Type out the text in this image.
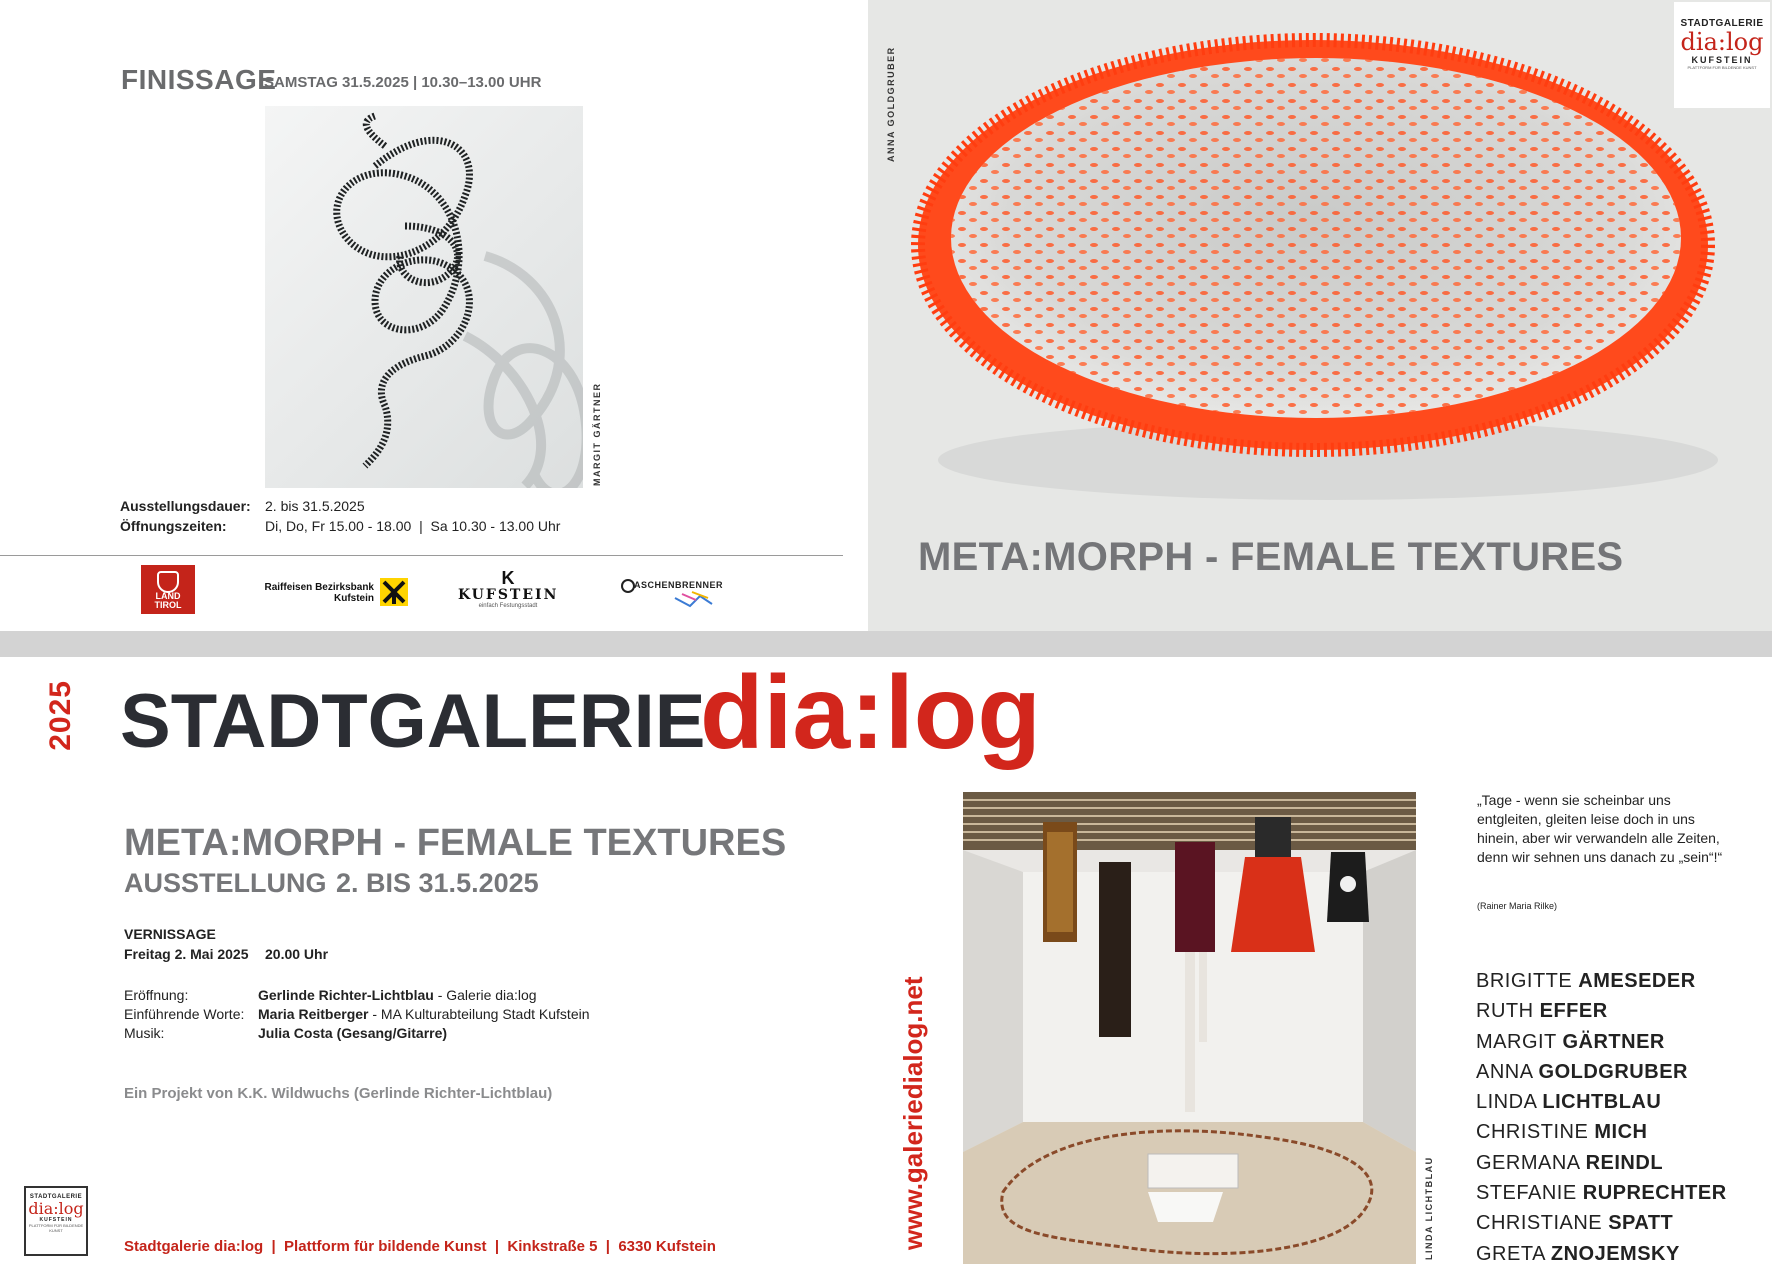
FINISSAGE
SAMSTAG 31.5.2025 | 10.30–13.00 UHR
MARGIT GÄRTNER
Ausstellungsdauer: 2. bis 31.5.2025
Öffnungszeiten:	Di, Do, Fr 15.00 - 18.00  |  Sa 10.30 - 13.00 Uhr
LAND TIROL
Raiffeisen Bezirksbank Kufstein
K
KUFSTEIN
einfach Festungsstadt
ASCHENBRENNER
ANNA GOLDGRUBER
META:MORPH - FEMALE TEXTURES
STADTGALERIE
dia:log
KUFSTEIN
PLATTFORM FÜR BILDENDE KUNST
2025 STADTGALERIE
dia:log
META:MORPH - FEMALE TEXTURES
AUSSTELLUNG 2. BIS 31.5.2025
VERNISSAGE
Freitag 2. Mai 2025 20.00 Uhr
Eröffnung:	Gerlinde Richter-Lichtblau - Galerie dia:log
Einführende Worte: Maria Reitberger - MA Kulturabteilung Stadt Kufstein
Musik:	Julia Costa (Gesang/Gitarre)
Ein Projekt von K.K. Wildwuchs (Gerlinde Richter-Lichtblau)
STADTGALERIE
dia:log
KUFSTEIN
PLATTFORM FÜR BILDENDE KUNST
Stadtgalerie dia:log  |  Plattform für bildende Kunst  |  Kinkstraße 5  |  6330 Kufstein	www.galeriedialog.net	LINDA LICHTBLAU
„Tage - wenn sie scheinbar uns entgleiten, gleiten leise doch in uns hinein, aber wir verwandeln alle Zeiten, denn wir sehnen uns danach zu „sein“!“
(Rainer Maria Rilke)
BRIGITTE AMESEDER
RUTH EFFER
MARGIT GÄRTNER
ANNA GOLDGRUBER
LINDA LICHTBLAU
CHRISTINE MICH
GERMANA REINDL
STEFANIE RUPRECHTER
CHRISTIANE SPATT
GRETA ZNOJEMSKY
